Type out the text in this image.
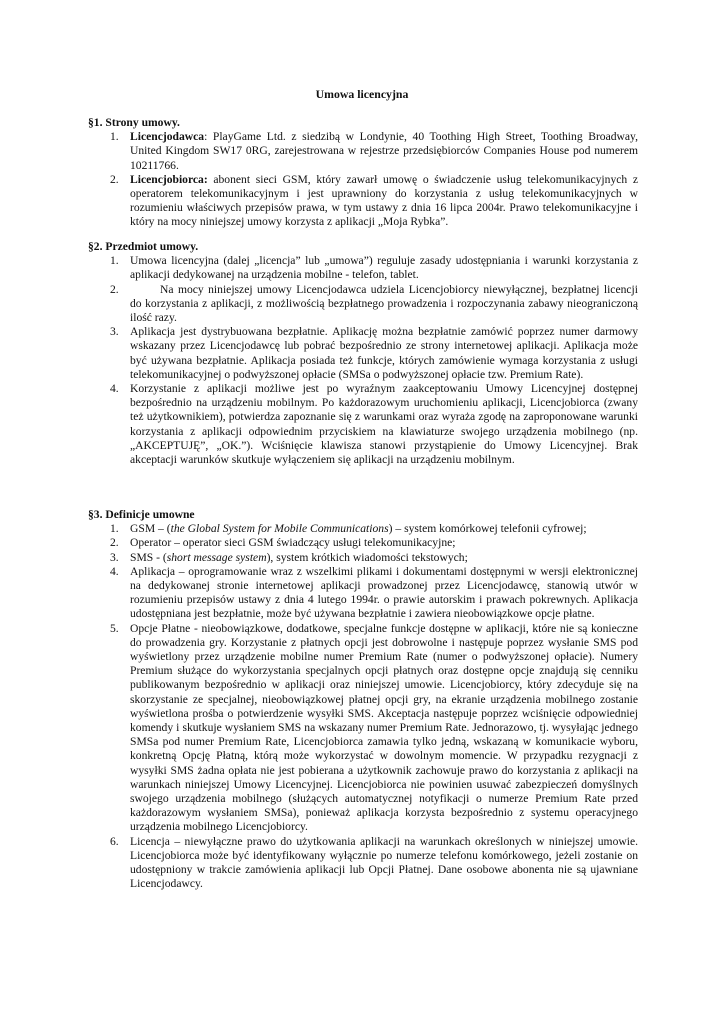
Umowa licencyjna
§1. Strony umowy.
1. Licencjodawca: PlayGame Ltd. z siedzibą w Londynie, 40 Toothing High Street, Toothing Broadway, United Kingdom SW17 0RG, zarejestrowana w rejestrze przedsiębiorców Companies House pod numerem 10211766.
2. Licencjobiorca: abonent sieci GSM, który zawarł umowę o świadczenie usług telekomunikacyjnych z operatorem telekomunikacyjnym i jest uprawniony do korzystania z usług telekomunikacyjnych w rozumieniu właściwych przepisów prawa, w tym ustawy z dnia 16 lipca 2004r. Prawo telekomunikacyjne i który na mocy niniejszej umowy korzysta z aplikacji „Moja Rybka”.
§2. Przedmiot umowy.
1. Umowa licencyjna (dalej „licencja” lub „umowa”) reguluje zasady udostępniania i warunki korzystania z aplikacji dedykowanej na urządzenia mobilne - telefon, tablet.
2.	Na mocy niniejszej umowy Licencjodawca udziela Licencjobiorcy niewyłącznej, bezpłatnej licencji do korzystania z aplikacji, z możliwością bezpłatnego prowadzenia i rozpoczynania zabawy nieograniczoną ilość razy.
3. Aplikacja jest dystrybuowana bezpłatnie. Aplikację można bezpłatnie zamówić poprzez numer darmowy wskazany przez Licencjodawcę lub pobrać bezpośrednio ze strony internetowej aplikacji. Aplikacja może być używana bezpłatnie. Aplikacja posiada też funkcje, których zamówienie wymaga korzystania z usługi telekomunikacyjnej o podwyższonej opłacie (SMSa o podwyższonej opłacie tzw. Premium Rate).
4. Korzystanie z aplikacji możliwe jest po wyraźnym zaakceptowaniu Umowy Licencyjnej dostępnej bezpośrednio na urządzeniu mobilnym. Po każdorazowym uruchomieniu aplikacji, Licencjobiorca (zwany też użytkownikiem), potwierdza zapoznanie się z warunkami oraz wyraża zgodę na zaproponowane warunki korzystania z aplikacji odpowiednim przyciskiem na klawiaturze swojego urządzenia mobilnego (np. „AKCEPTUJĘ”, „OK.”). Wciśnięcie klawisza stanowi przystąpienie do Umowy Licencyjnej. Brak akceptacji warunków skutkuje wyłączeniem się aplikacji na urządzeniu mobilnym.
§3. Definicje umowne
1. GSM – (the Global System for Mobile Communications) – system komórkowej telefonii cyfrowej;
2. Operator – operator sieci GSM świadczący usługi telekomunikacyjne;
3. SMS - (short message system), system krótkich wiadomości tekstowych;
4. Aplikacja – oprogramowanie wraz z wszelkimi plikami i dokumentami dostępnymi w wersji elektronicznej na dedykowanej stronie internetowej aplikacji prowadzonej przez Licencjodawcę, stanowią utwór w rozumieniu przepisów ustawy z dnia 4 lutego 1994r. o prawie autorskim i prawach pokrewnych. Aplikacja udostępniana jest bezpłatnie, może być używana bezpłatnie i zawiera nieobowiązkowe opcje płatne.
5. Opcje Płatne - nieobowiązkowe, dodatkowe, specjalne funkcje dostępne w aplikacji, które nie są konieczne do prowadzenia gry. Korzystanie z płatnych opcji jest dobrowolne i następuje poprzez wysłanie SMS pod wyświetlony przez urządzenie mobilne numer Premium Rate (numer o podwyższonej opłacie). Numery Premium służące do wykorzystania specjalnych opcji płatnych oraz dostępne opcje znajdują się cenniku publikowanym bezpośrednio w aplikacji oraz niniejszej umowie. Licencjobiorcy, który zdecyduje się na skorzystanie ze specjalnej, nieobowiązkowej płatnej opcji gry, na ekranie urządzenia mobilnego zostanie wyświetlona prośba o potwierdzenie wysyłki SMS. Akceptacja następuje poprzez wciśnięcie odpowiedniej komendy i skutkuje wysłaniem SMS na wskazany numer Premium Rate. Jednorazowo, tj. wysyłając jednego SMSa pod numer Premium Rate, Licencjobiorca zamawia tylko jedną, wskazaną w komunikacie wyboru, konkretną Opcję Płatną, którą może wykorzystać w dowolnym momencie. W przypadku rezygnacji z wysyłki SMS żadna opłata nie jest pobierana a użytkownik zachowuje prawo do korzystania z aplikacji na warunkach niniejszej Umowy Licencyjnej. Licencjobiorca nie powinien usuwać zabezpieczeń domyślnych swojego urządzenia mobilnego (służących automatycznej notyfikacji o numerze Premium Rate przed każdorazowym wysłaniem SMSa), ponieważ aplikacja korzysta bezpośrednio z systemu operacyjnego urządzenia mobilnego Licencjobiorcy.
6. Licencja – niewyłączne prawo do użytkowania aplikacji na warunkach określonych w niniejszej umowie. Licencjobiorca może być identyfikowany wyłącznie po numerze telefonu komórkowego, jeżeli zostanie on udostępniony w trakcie zamówienia aplikacji lub Opcji Płatnej. Dane osobowe abonenta nie są ujawniane Licencjodawcy.
